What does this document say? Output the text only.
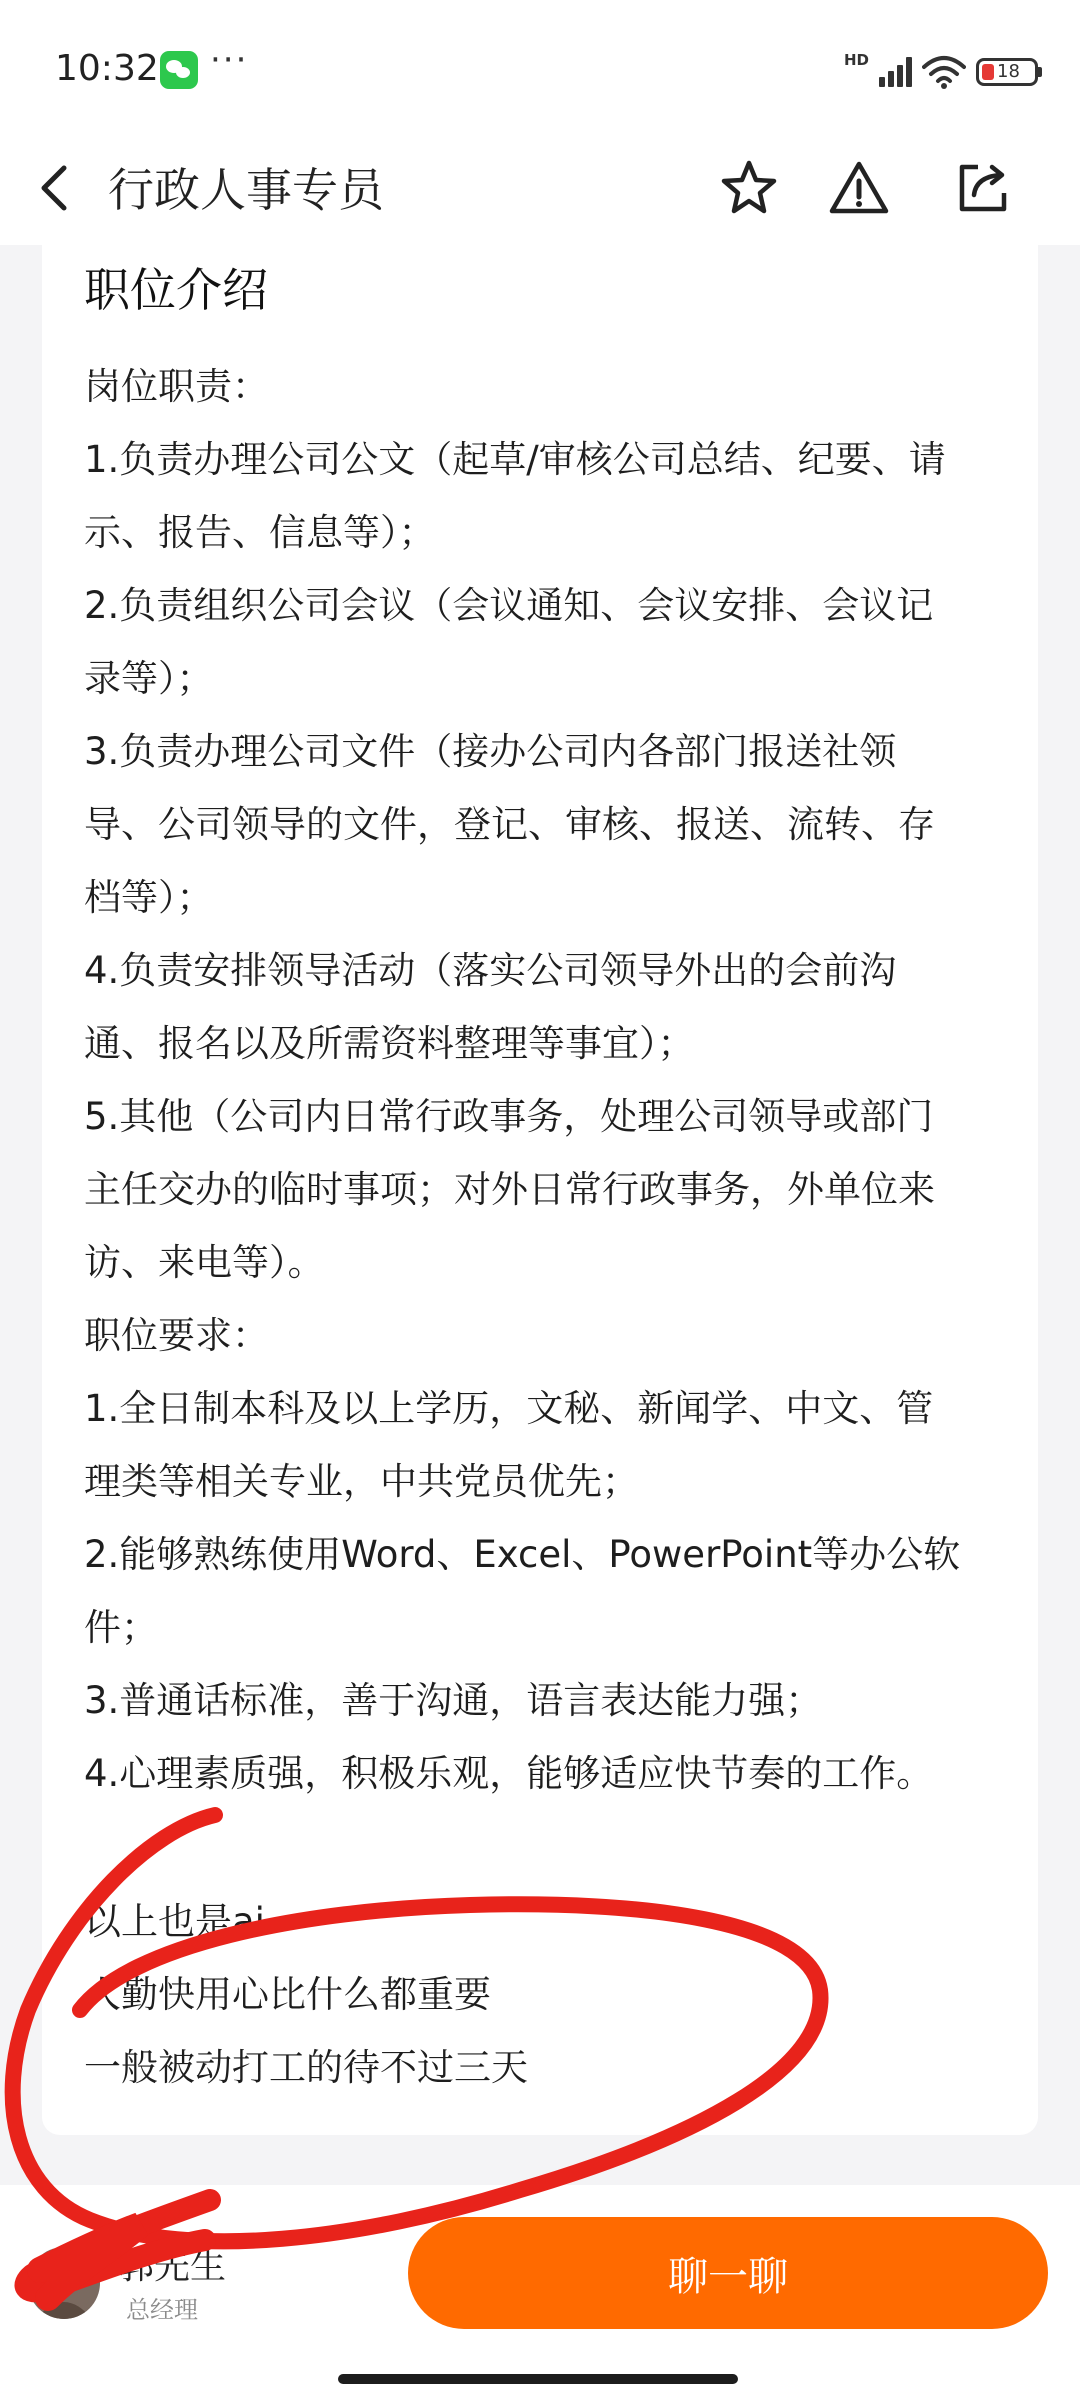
10:32 ···	HD
18
行政人事专员
职位介绍

岗位职责：

1.负责办理公司公文（起草/审核公司总结、纪要、请

示、报告、信息等）；

2.负责组织公司会议（会议通知、会议安排、会议记

录等）；

3.负责办理公司文件（接办公司内各部门报送社领

导、公司领导的文件，登记、审核、报送、流转、存

档等）；

4.负责安排领导活动（落实公司领导外出的会前沟

通、报名以及所需资料整理等事宜）；

5.其他（公司内日常行政事务，处理公司领导或部门

主任交办的临时事项；对外日常行政事务，外单位来

访、来电等）。

职位要求：

1.全日制本科及以上学历，文秘、新闻学、中文、管

理类等相关专业，中共党员优先；

2.能够熟练使用Word、Excel、PowerPoint等办公软

件；

3.普通话标准，善于沟通，语言表达能力强；

4.心理素质强，积极乐观，能够适应快节奏的工作。

以上也是ai

人勤快用心比什么都重要

一般被动打工的待不过三天

郭先生
总经理
聊一聊
